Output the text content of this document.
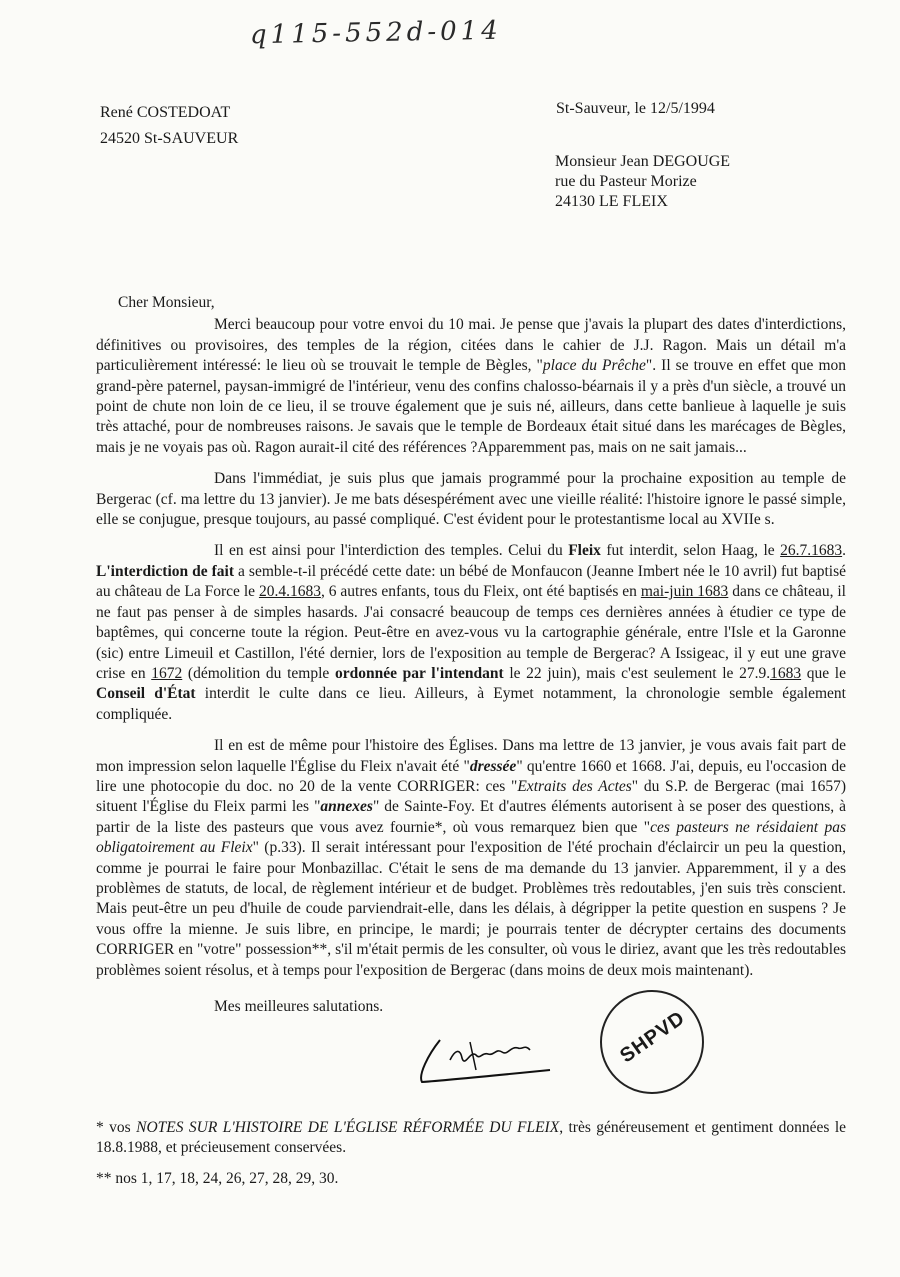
q115-552d-014
René COSTEDOAT
24520 St-SAUVEUR
St-Sauveur, le 12/5/1994
Monsieur Jean DEGOUGE
rue du Pasteur Morize
24130 LE FLEIX

Cher Monsieur,

Merci beaucoup pour votre envoi du 10 mai. Je pense que j'avais la plupart des dates d'interdictions, définitives ou provisoires, des temples de la région, citées dans le cahier de J.J. Ragon. Mais un détail m'a particulièrement intéressé: le lieu où se trouvait le temple de Bègles, "place du Prêche". Il se trouve en effet que mon grand-père paternel, paysan-immigré de l'intérieur, venu des confins chalosso-béarnais il y a près d'un siècle, a trouvé un point de chute non loin de ce lieu, il se trouve également que je suis né, ailleurs, dans cette banlieue à laquelle je suis très attaché, pour de nombreuses raisons. Je savais que le temple de Bordeaux était situé dans les marécages de Bègles, mais je ne voyais pas où. Ragon aurait-il cité des références ?Apparemment pas, mais on ne sait jamais...

Dans l'immédiat, je suis plus que jamais programmé pour la prochaine exposition au temple de Bergerac (cf. ma lettre du 13 janvier). Je me bats désespérément avec une vieille réalité: l'histoire ignore le passé simple, elle se conjugue, presque toujours, au passé compliqué. C'est évident pour le protestantisme local au XVIIe s.

Il en est ainsi pour l'interdiction des temples. Celui du Fleix fut interdit, selon Haag, le 26.7.1683. L'interdiction de fait a semble-t-il précédé cette date: un bébé de Monfaucon (Jeanne Imbert née le 10 avril) fut baptisé au château de La Force le 20.4.1683, 6 autres enfants, tous du Fleix, ont été baptisés en mai-juin 1683 dans ce château, il ne faut pas penser à de simples hasards. J'ai consacré beaucoup de temps ces dernières années à étudier ce type de baptêmes, qui concerne toute la région. Peut-être en avez-vous vu la cartographie générale, entre l'Isle et la Garonne (sic) entre Limeuil et Castillon, l'été dernier, lors de l'exposition au temple de Bergerac? A Issigeac, il y eut une grave crise en 1672 (démolition du temple ordonnée par l'intendant le 22 juin), mais c'est seulement le 27.9.1683 que le Conseil d'État interdit le culte dans ce lieu. Ailleurs, à Eymet notamment, la chronologie semble également compliquée.

Il en est de même pour l'histoire des Églises. Dans ma lettre de 13 janvier, je vous avais fait part de mon impression selon laquelle l'Église du Fleix n'avait été "dressée" qu'entre 1660 et 1668. J'ai, depuis, eu l'occasion de lire une photocopie du doc. no 20 de la vente CORRIGER: ces "Extraits des Actes" du S.P. de Bergerac (mai 1657) situent l'Église du Fleix parmi les "annexes" de Sainte-Foy. Et d'autres éléments autorisent à se poser des questions, à partir de la liste des pasteurs que vous avez fournie*, où vous remarquez bien que "ces pasteurs ne résidaient pas obligatoirement au Fleix" (p.33). Il serait intéressant pour l'exposition de l'été prochain d'éclaircir un peu la question, comme je pourrai le faire pour Monbazillac. C'était le sens de ma demande du 13 janvier. Apparemment, il y a des problèmes de statuts, de local, de règlement intérieur et de budget. Problèmes très redoutables, j'en suis très conscient. Mais peut-être un peu d'huile de coude parviendrait-elle, dans les délais, à dégripper la petite question en suspens ? Je vous offre la mienne. Je suis libre, en principe, le mardi; je pourrais tenter de décrypter certains des documents CORRIGER en "votre" possession**, s'il m'était permis de les consulter, où vous le diriez, avant que les très redoutables problèmes soient résolus, et à temps pour l'exposition de Bergerac (dans moins de deux mois maintenant).

Mes meilleures salutations.

SHPVD
* vos NOTES SUR L'HISTOIRE DE L'ÉGLISE RÉFORMÉE DU FLEIX, très généreusement et gentiment données le 18.8.1988, et précieusement conservées.
** nos 1, 17, 18, 24, 26, 27, 28, 29, 30.
